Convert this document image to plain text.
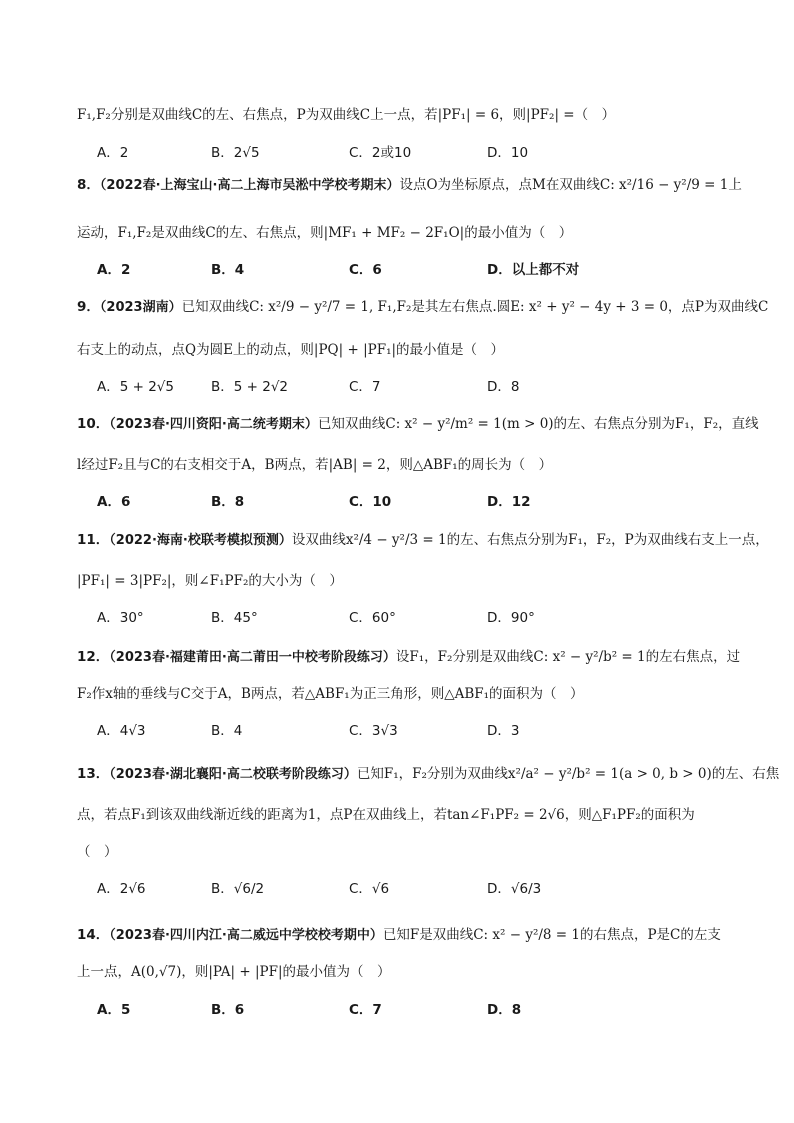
F₁,F₂分别是双曲线C的左、右焦点，P为双曲线C上一点，若|PF₁| = 6，则|PF₂| =（　）
8．（2022春·上海宝山·高二上海市吴淞中学校考期末）设点O为坐标原点，点M在双曲线C: x²/16 − y²/9 = 1上
运动，F₁,F₂是双曲线C的左、右焦点，则|MF₁ + MF₂ − 2F₁O|的最小值为（　）
9．（2023湖南）已知双曲线C: x²/9 − y²/7 = 1, F₁,F₂是其左右焦点.圆E: x² + y² − 4y + 3 = 0，点P为双曲线C
右支上的动点，点Q为圆E上的动点，则|PQ| + |PF₁|的最小值是（　）
10．（2023春·四川资阳·高二统考期末）已知双曲线C: x² − y²/m² = 1(m > 0)的左、右焦点分别为F₁，F₂，直线
l经过F₂且与C的右支相交于A，B两点，若|AB| = 2，则△ABF₁的周长为（　）
11．（2022·海南·校联考模拟预测）设双曲线x²/4 − y²/3 = 1的左、右焦点分别为F₁，F₂，P为双曲线右支上一点，
|PF₁| = 3|PF₂|，则∠F₁PF₂的大小为（　）
12．（2023春·福建莆田·高二莆田一中校考阶段练习）设F₁，F₂分别是双曲线C: x² − y²/b² = 1的左右焦点，过
F₂作x轴的垂线与C交于A，B两点，若△ABF₁为正三角形，则△ABF₁的面积为（　）
13．（2023春·湖北襄阳·高二校联考阶段练习）已知F₁，F₂分别为双曲线x²/a² − y²/b² = 1(a > 0, b > 0)的左、右焦
点，若点F₁到该双曲线渐近线的距离为1，点P在双曲线上，若tan∠F₁PF₂ = 2√6，则△F₁PF₂的面积为
（　）
14．（2023春·四川内江·高二威远中学校校考期中）已知F是双曲线C: x² − y²/8 = 1的右焦点，P是C的左支
上一点，A(0,√7)，则|PA| + |PF|的最小值为（　）
A．2	B．2√5	C．2或10	D．10
A．2	B．4	C．6	D．以上都不对
A．5 + 2√5	B．5 + 2√2	C．7	D．8
A．6	B．8	C．10	D．12
A．30°	B．45°	C．60°	D．90°
A．4√3	B．4	C．3√3	D．3
A．2√6	B．√6/2	C．√6	D．√6/3
A．5	B．6	C．7	D．8
